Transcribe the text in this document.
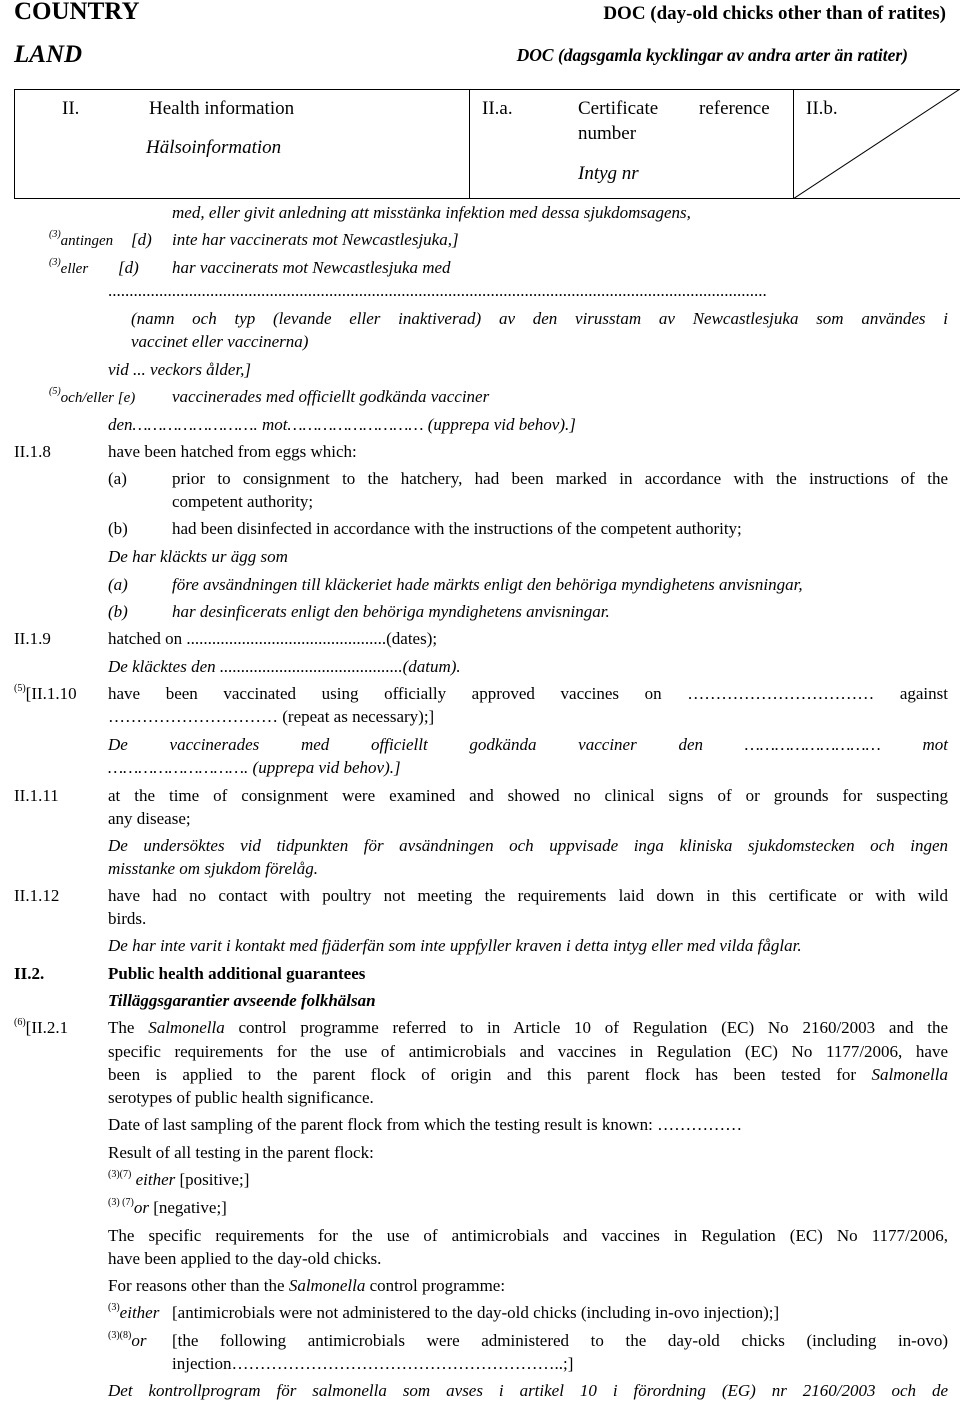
COUNTRY
LAND
DOC (day-old chicks other than of ratites)
DOC (dagsgamla kycklingar av andra arter än ratiter)
II.	Health information
Hälsoinformation
II.a.	Certificate reference
number
Intyg nr
II.b.
med, eller givit anledning att misstänka infektion med dessa sjukdomsagens,
$^{(3)}$antingen [d) inte har vaccinerats mot Newcastlesjuka,]
$^{(3)}$eller [d) har vaccinerats mot Newcastlesjuka med
...........................................................................................................................................................
(namn och typ (levande eller inaktiverad) av den virusstam av Newcastlesjuka som användes i
vaccinet eller vaccinerna)
vid ... veckors ålder,]
$^{(5)}$och/eller [e) vaccinerades med officiellt godkända vacciner
den……………………. mot……………………… (upprepa vid behov).]
II.1.8	have been hatched from eggs which:
(a)	prior to consignment to the hatchery, had been marked in accordance with the instructions of the
competent authority;
(b)	had been disinfected in accordance with the instructions of the competent authority;
De har kläckts ur ägg som
(a)	före avsändningen till kläckeriet hade märkts enligt den behöriga myndighetens anvisningar,
(b)	har desinficerats enligt den behöriga myndighetens anvisningar.
II.1.9	hatched on ...............................................(dates);
De kläcktes den ...........................................(datum).
$^{(5)}$[II.1.10 have been vaccinated using officially approved vaccines on …………………………… against
………………………… (repeat as necessary);]
De vaccinerades med officiellt godkända vacciner den ……………………… mot
………………………. (upprepa vid behov).]
II.1.11	at the time of consignment were examined and showed no clinical signs of or grounds for suspecting
any disease;
De undersöktes vid tidpunkten för avsändningen och uppvisade inga kliniska sjukdomstecken och ingen
misstanke om sjukdom förelåg.
II.1.12	have had no contact with poultry not meeting the requirements laid down in this certificate or with wild
birds.
De har inte varit i kontakt med fjäderfän som inte uppfyller kraven i detta intyg eller med vilda fåglar.
II.2.	Public health additional guarantees
Tilläggsgarantier avseende folkhälsan
$^{(6)}$[II.2.1 The Salmonella control programme referred to in Article 10 of Regulation (EC) No 2160/2003 and the
specific requirements for the use of antimicrobials and vaccines in Regulation (EC) No 1177/2006, have
been is applied to the parent flock of origin and this parent flock has been tested for Salmonella
serotypes of public health significance.
Date of last sampling of the parent flock from which the testing result is known: ……………
Result of all testing in the parent flock:
$^{(3)(7)}$ either [positive;]
$^{(3) (7)}$or [negative;]
The specific requirements for the use of antimicrobials and vaccines in Regulation (EC) No 1177/2006,
have been applied to the day-old chicks.
For reasons other than the Salmonella control programme:
$^{(3)}$either [antimicrobials were not administered to the day-old chicks (including in-ovo injection);]
$^{(3)(8)}$or [the following antimicrobials were administered to the day-old chicks (including in-ovo)
injection…………………………………………………..;]
Det kontrollprogram för salmonella som avses i artikel 10 i förordning (EG) nr 2160/2003 och de
